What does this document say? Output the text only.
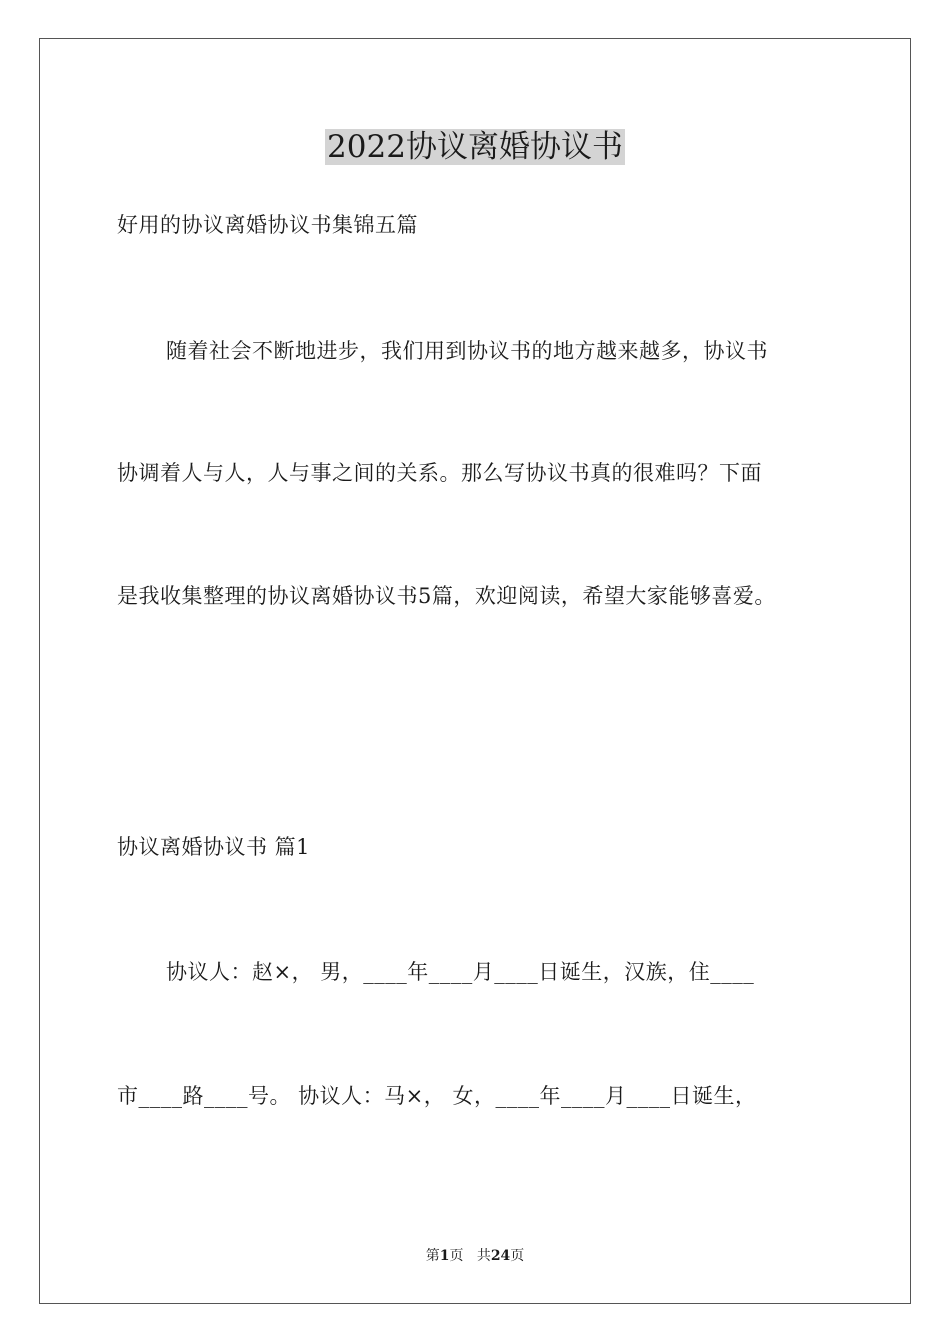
2022协议离婚协议书
好用的协议离婚协议书集锦五篇
随着社会不断地进步，我们用到协议书的地方越来越多，协议书
协调着人与人，人与事之间的关系。那么写协议书真的很难吗？下面
是我收集整理的协议离婚协议书5篇，欢迎阅读，希望大家能够喜爱。
协议离婚协议书 篇1
协议人：赵×， 男，____年____月____日诞生，汉族，住____
市____路____号。 协议人：马×， 女，____年____月____日诞生，
第1页 共24页
